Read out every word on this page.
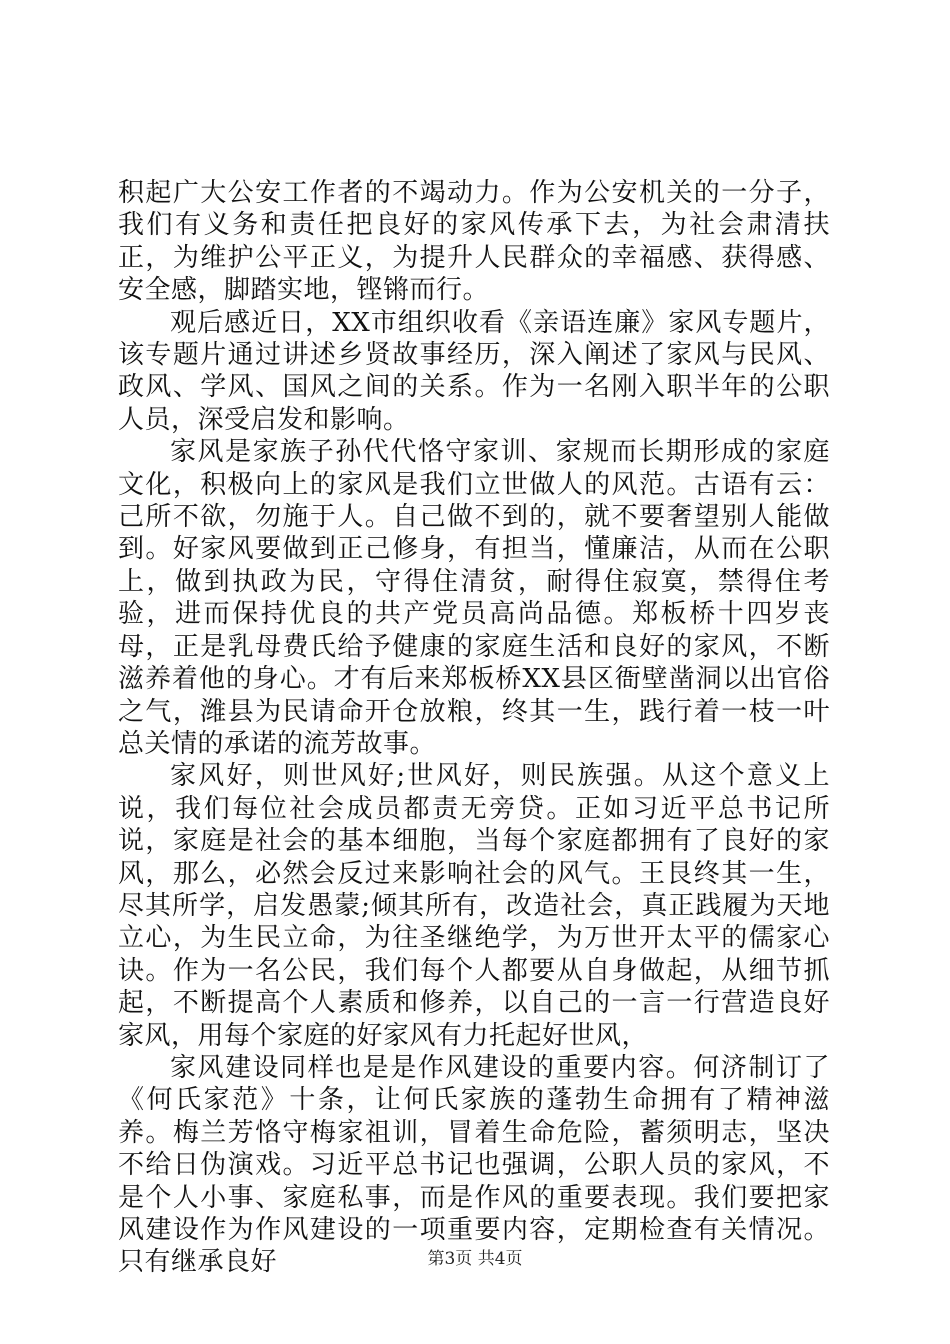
积起广大公安工作者的不竭动力。作为公安机关的一分子，我们有义务和责任把良好的家风传承下去，为社会肃清扶正，为维护公平正义，为提升人民群众的幸福感、获得感、安全感，脚踏实地，铿锵而行。

观后感近日，XX市组织收看《亲语连廉》家风专题片，该专题片通过讲述乡贤故事经历，深入阐述了家风与民风、政风、学风、国风之间的关系。作为一名刚入职半年的公职人员，深受启发和影响。

家风是家族子孙代代恪守家训、家规而长期形成的家庭文化，积极向上的家风是我们立世做人的风范。古语有云：己所不欲，勿施于人。自己做不到的，就不要奢望别人能做到。好家风要做到正己修身，有担当，懂廉洁，从而在公职上，做到执政为民，守得住清贫，耐得住寂寞，禁得住考验，进而保持优良的共产党员高尚品德。郑板桥十四岁丧母，正是乳母费氏给予健康的家庭生活和良好的家风，不断滋养着他的身心。才有后来郑板桥XX县区衙壁凿洞以出官俗之气，潍县为民请命开仓放粮，终其一生，践行着一枝一叶总关情的承诺的流芳故事。

家风好，则世风好;世风好，则民族强。从这个意义上说，我们每位社会成员都责无旁贷。正如习近平总书记所说，家庭是社会的基本细胞，当每个家庭都拥有了良好的家风，那么，必然会反过来影响社会的风气。王艮终其一生，尽其所学，启发愚蒙;倾其所有，改造社会，真正践履为天地立心，为生民立命，为往圣继绝学，为万世开太平的儒家心诀。作为一名公民，我们每个人都要从自身做起，从细节抓起，不断提高个人素质和修养，以自己的一言一行营造良好家风，用每个家庭的好家风有力托起好世风，

家风建设同样也是是作风建设的重要内容。何济制订了《何氏家范》十条，让何氏家族的蓬勃生命拥有了精神滋养。梅兰芳恪守梅家祖训，冒着生命危险，蓄须明志，坚决不给日伪演戏。习近平总书记也强调，公职人员的家风，不是个人小事、家庭私事，而是作风的重要表现。我们要把家风建设作为作风建设的一项重要内容，定期检查有关情况。只有继承良好	第3页 共4页
